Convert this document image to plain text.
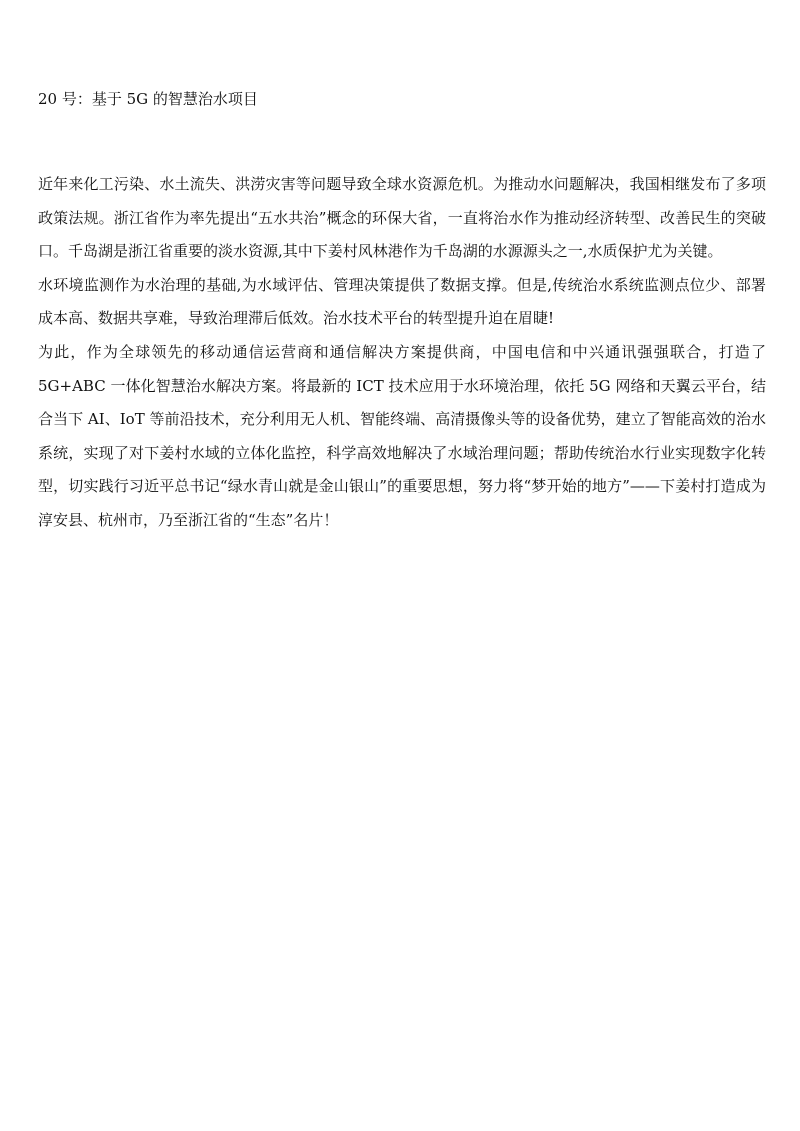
20 号：基于 5G 的智慧治水项目

近年来化工污染、水土流失、洪涝灾害等问题导致全球水资源危机。为推动水问题解决，我国相继发布了多项政策法规。浙江省作为率先提出“五水共治”概念的环保大省，一直将治水作为推动经济转型、改善民生的突破口。千岛湖是浙江省重要的淡水资源,其中下姜村风林港作为千岛湖的水源源头之一,水质保护尤为关键。

水环境监测作为水治理的基础,为水域评估、管理决策提供了数据支撑。但是,传统治水系统监测点位少、部署成本高、数据共享难，导致治理滞后低效。治水技术平台的转型提升迫在眉睫!

为此，作为全球领先的移动通信运营商和通信解决方案提供商，中国电信和中兴通讯强强联合，打造了 5G+ABC 一体化智慧治水解决方案。将最新的 ICT 技术应用于水环境治理，依托 5G 网络和天翼云平台，结合当下 AI、IoT 等前沿技术，充分利用无人机、智能终端、高清摄像头等的设备优势，建立了智能高效的治水系统，实现了对下姜村水域的立体化监控，科学高效地解决了水域治理问题；帮助传统治水行业实现数字化转型，切实践行习近平总书记“绿水青山就是金山银山”的重要思想，努力将“梦开始的地方”——下姜村打造成为淳安县、杭州市，乃至浙江省的“生态”名片！
